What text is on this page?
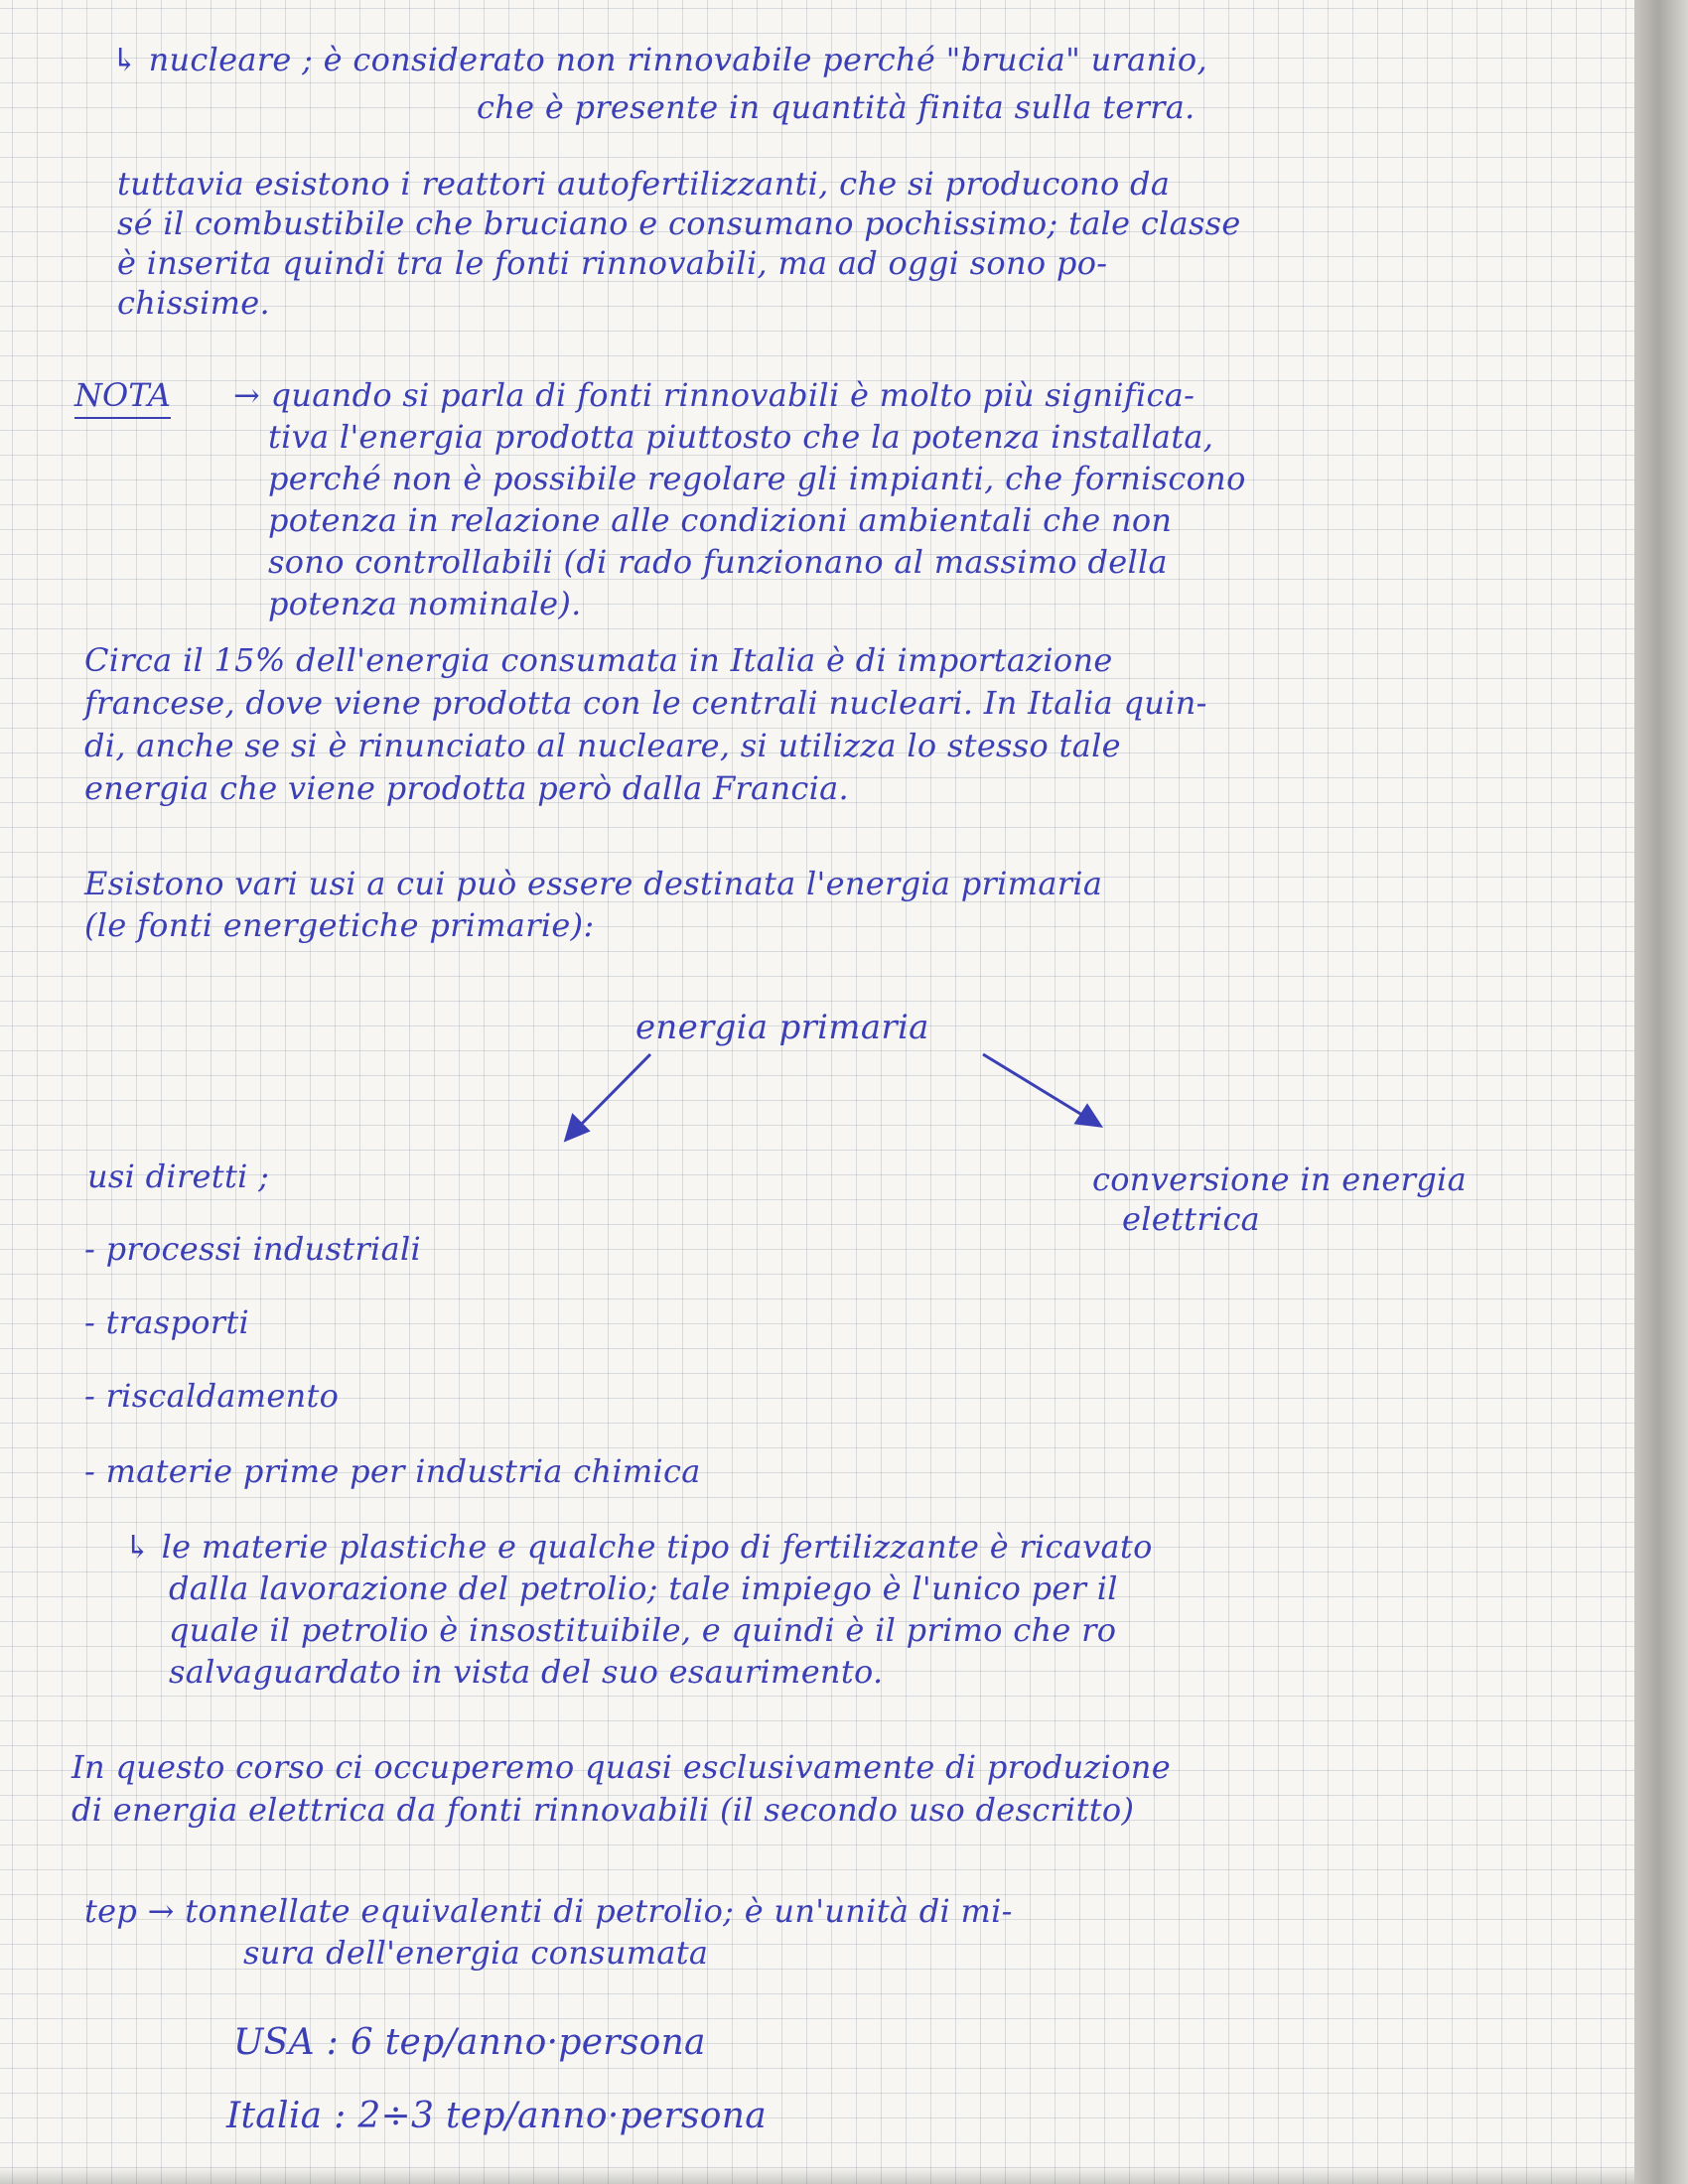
↳ nucleare ; è considerato non rinnovabile perché "brucia" uranio,
che è presente in quantità finita sulla terra.
tuttavia esistono i reattori autofertilizzanti, che si producono da
sé il combustibile che bruciano e consumano pochissimo; tale classe
è inserita quindi tra le fonti rinnovabili, ma ad oggi sono po-
chissime.
NOTA → quando si parla di fonti rinnovabili è molto più significa-
tiva l'energia prodotta piuttosto che la potenza installata,
perché non è possibile regolare gli impianti, che forniscono
potenza in relazione alle condizioni ambientali che non
sono controllabili (di rado funzionano al massimo della
potenza nominale).
Circa il 15% dell'energia consumata in Italia è di importazione
francese, dove viene prodotta con le centrali nucleari. In Italia quin-
di, anche se si è rinunciato al nucleare, si utilizza lo stesso tale
energia che viene prodotta però dalla Francia.
Esistono vari usi a cui può essere destinata l'energia primaria
(le fonti energetiche primarie):
energia primaria
usi diretti ;	conversione in energia
elettrica
- processi industriali
- trasporti
- riscaldamento
- materie prime per industria chimica
↳ le materie plastiche e qualche tipo di fertilizzante è ricavato
dalla lavorazione del petrolio; tale impiego è l'unico per il
quale il petrolio è insostituibile, e quindi è il primo che ro
salvaguardato in vista del suo esaurimento.
In questo corso ci occuperemo quasi esclusivamente di produzione
di energia elettrica da fonti rinnovabili (il secondo uso descritto)
tep → tonnellate equivalenti di petrolio; è un'unità di mi-
sura dell'energia consumata
USA : 6 tep/anno·persona
Italia : 2÷3 tep/anno·persona
